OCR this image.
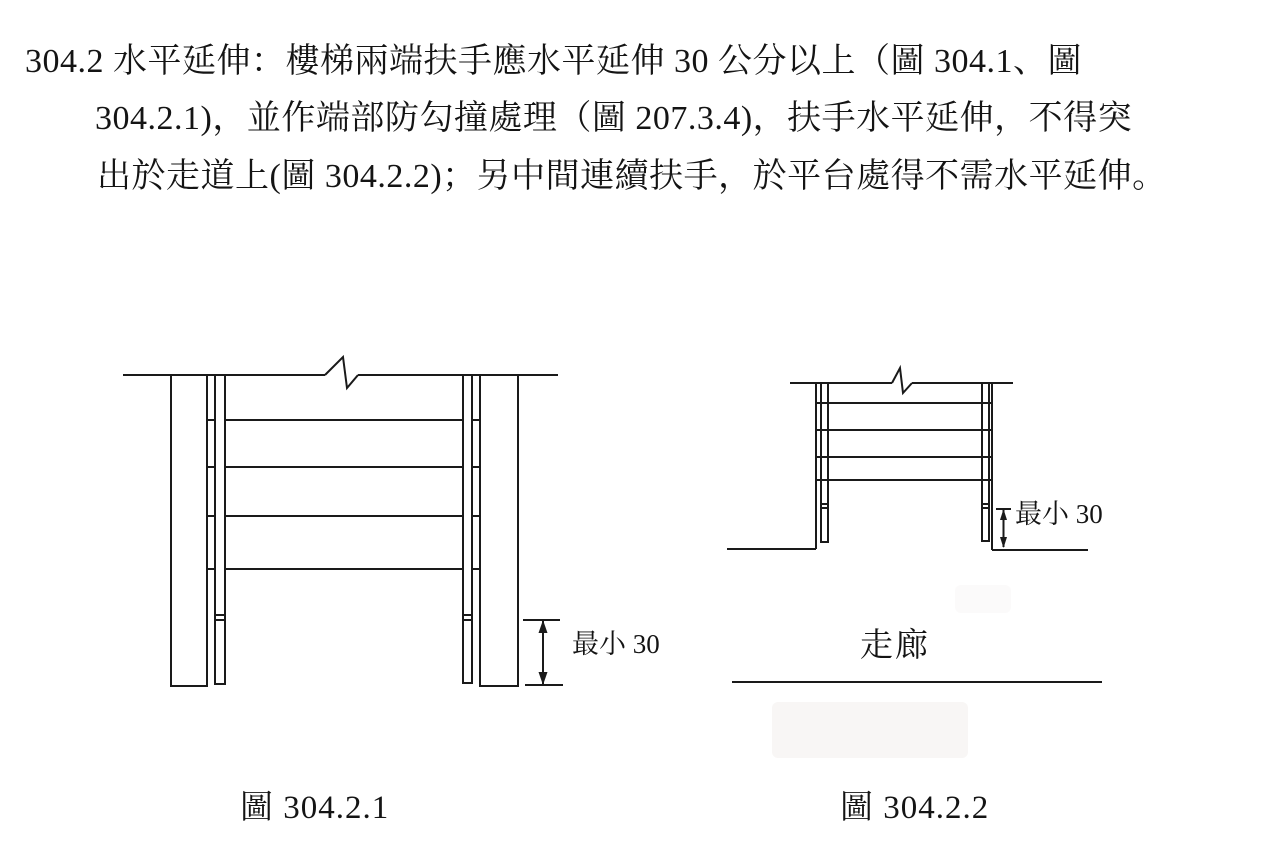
304.2 水平延伸：樓梯兩端扶手應水平延伸 30 公分以上（圖 304.1、圖
304.2.1)，並作端部防勾撞處理（圖 207.3.4)，扶手水平延伸，不得突
出於走道上(圖 304.2.2)；另中間連續扶手，於平台處得不需水平延伸。
最小 30
最小 30
走廊
圖 304.2.1	圖 304.2.2
